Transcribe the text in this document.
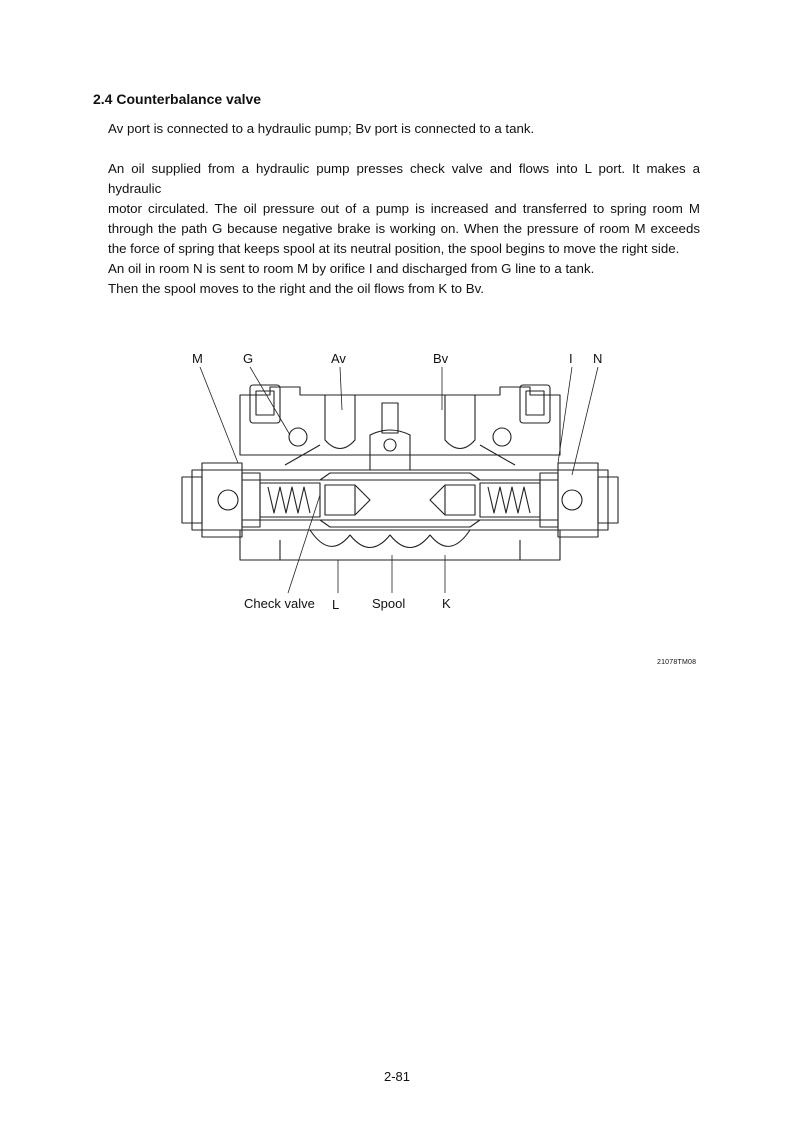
2.4 Counterbalance valve

Av port is connected to a hydraulic pump; Bv port is connected to a tank.

An oil supplied from a hydraulic pump presses check valve and flows into L port. It makes a hydraulic
motor circulated. The oil pressure out of a pump is increased and transferred to spring room M
through the path G because negative brake is working on. When the pressure of room M exceeds
the force of spring that keeps spool at its neutral position, the spool begins to move the right side.
An oil in room N is sent to room M by orifice I and discharged from G line to a tank.
Then the spool moves to the right and the oil flows from K to Bv.

M	G	Av	Bv	I N
Check valve L	Spool	K
21078TM08
2-81
